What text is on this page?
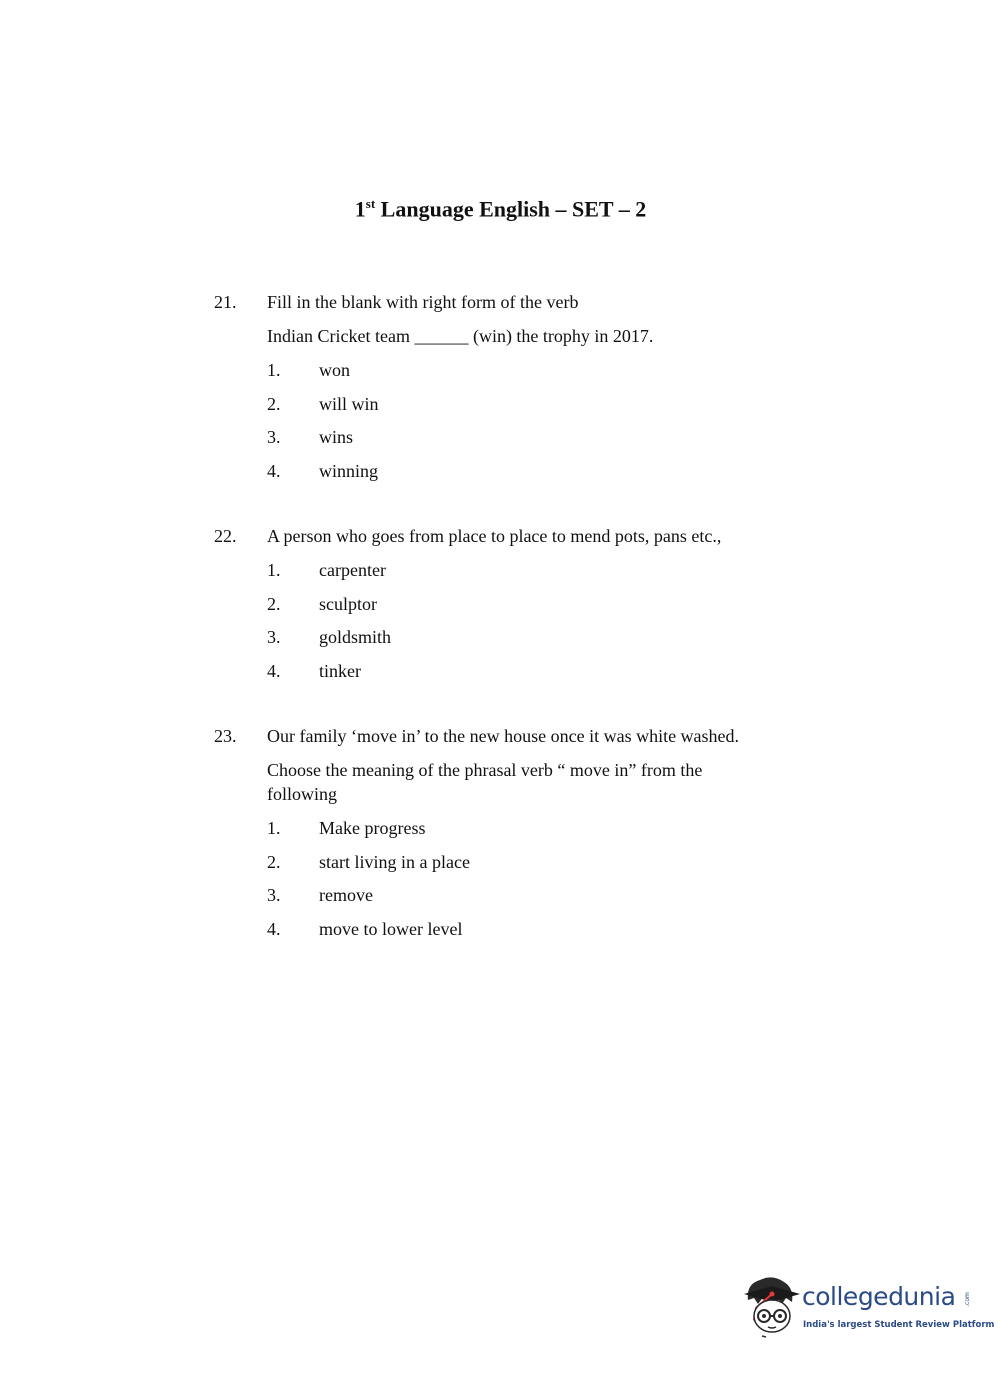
1st Language English – SET – 2
21. Fill in the blank with right form of the verb
Indian Cricket team ______ (win) the trophy in 2017.
1. won
2. will win
3. wins
4. winning
22. A person who goes from place to place to mend pots, pans etc.,
1. carpenter
2. sculptor
3. goldsmith
4. tinker
23. Our family ‘move in’ to the new house once it was white washed.
Choose the meaning of the phrasal verb “ move in” from the following
1. Make progress
2. start living in a place
3. remove
4. move to lower level
collegedunia .com
India's largest Student Review Platform
